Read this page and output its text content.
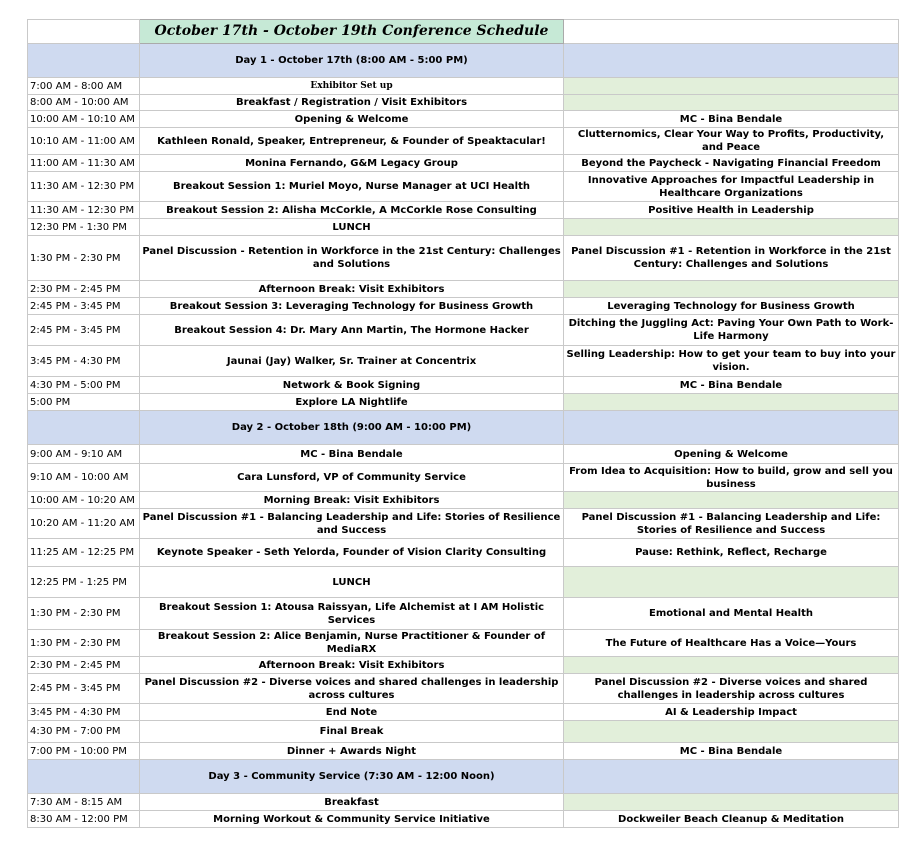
	October 17th - October 19th Conference Schedule	
	Day 1 - October 17th (8:00 AM - 5:00 PM)	
7:00 AM - 8:00 AM	Exhibitor Set up	
8:00 AM - 10:00 AM	Breakfast / Registration / Visit Exhibitors	
10:00 AM - 10:10 AM	Opening & Welcome	MC - Bina Bendale
10:10 AM - 11:00 AM	Kathleen Ronald, Speaker, Entrepreneur, & Founder of Speaktacular!	Clutternomics, Clear Your Way to Profits, Productivity, and Peace
11:00 AM - 11:30 AM	Monina Fernando, G&M Legacy Group	Beyond the Paycheck - Navigating Financial Freedom
11:30 AM - 12:30 PM	Breakout Session 1: Muriel Moyo, Nurse Manager at UCI Health	Innovative Approaches for Impactful Leadership in Healthcare Organizations
11:30 AM - 12:30 PM	Breakout Session 2: Alisha McCorkle, A McCorkle Rose Consulting	Positive Health in Leadership
12:30 PM - 1:30 PM	LUNCH	
1:30 PM - 2:30 PM	Panel Discussion - Retention in Workforce in the 21st Century: Challenges and Solutions	Panel Discussion #1 - Retention in Workforce in the 21st Century: Challenges and Solutions
2:30 PM - 2:45 PM	Afternoon Break: Visit Exhibitors	
2:45 PM - 3:45 PM	Breakout Session 3: Leveraging Technology for Business Growth	Leveraging Technology for Business Growth
2:45 PM - 3:45 PM	Breakout Session 4: Dr. Mary Ann Martin, The Hormone Hacker	Ditching the Juggling Act: Paving Your Own Path to Work-Life Harmony
3:45 PM - 4:30 PM	Jaunai (Jay) Walker, Sr. Trainer at Concentrix	Selling Leadership: How to get your team to buy into your vision.
4:30 PM - 5:00 PM	Network & Book Signing	MC - Bina Bendale
5:00 PM	Explore LA Nightlife	
	Day 2 - October 18th (9:00 AM - 10:00 PM)	
9:00 AM - 9:10 AM	MC - Bina Bendale	Opening & Welcome
9:10 AM - 10:00 AM	Cara Lunsford, VP of Community Service	From Idea to Acquisition: How to build, grow and sell you business
10:00 AM - 10:20 AM	Morning Break: Visit Exhibitors	
10:20 AM - 11:20 AM	Panel Discussion #1 - Balancing Leadership and Life: Stories of Resilience and Success	Panel Discussion #1 - Balancing Leadership and Life: Stories of Resilience and Success
11:25 AM - 12:25 PM	Keynote Speaker - Seth Yelorda, Founder of Vision Clarity Consulting	Pause: Rethink, Reflect, Recharge
12:25 PM - 1:25 PM	LUNCH	
1:30 PM - 2:30 PM	Breakout Session 1: Atousa Raissyan, Life Alchemist at I AM Holistic Services	Emotional and Mental Health
1:30 PM - 2:30 PM	Breakout Session 2: Alice Benjamin, Nurse Practitioner & Founder of MediaRX	The Future of Healthcare Has a Voice—Yours
2:30 PM - 2:45 PM	Afternoon Break: Visit Exhibitors	
2:45 PM - 3:45 PM	Panel Discussion #2 - Diverse voices and shared challenges in leadership across cultures	Panel Discussion #2 - Diverse voices and shared challenges in leadership across cultures
3:45 PM - 4:30 PM	End Note	AI & Leadership Impact
4:30 PM - 7:00 PM	Final Break	
7:00 PM - 10:00 PM	Dinner + Awards Night	MC - Bina Bendale
	Day 3 - Community Service (7:30 AM - 12:00 Noon)	
7:30 AM - 8:15 AM	Breakfast	
8:30 AM - 12:00 PM	Morning Workout & Community Service Initiative	Dockweiler Beach Cleanup & Meditation
